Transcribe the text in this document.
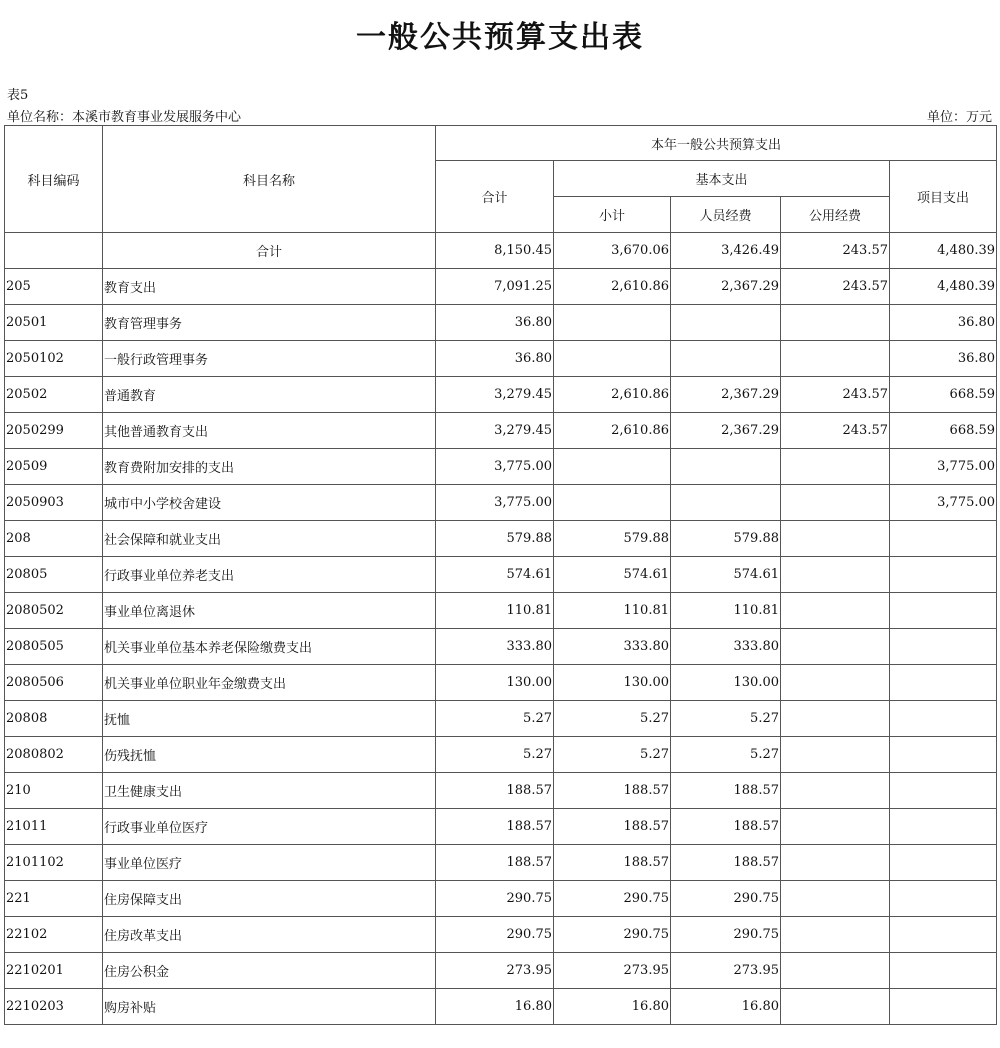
一般公共预算支出表
表5
单位名称：本溪市教育事业发展服务中心	单位：万元
科目编码	科目名称	本年一般公共预算支出				
		合计	基本支出			项目支出
			小计	人员经费	公用经费	
	合计	8,150.45	3,670.06	3,426.49	243.57	4,480.39
205	教育支出	7,091.25	2,610.86	2,367.29	243.57	4,480.39
20501	教育管理事务	36.80				36.80
2050102	一般行政管理事务	36.80				36.80
20502	普通教育	3,279.45	2,610.86	2,367.29	243.57	668.59
2050299	其他普通教育支出	3,279.45	2,610.86	2,367.29	243.57	668.59
20509	教育费附加安排的支出	3,775.00				3,775.00
2050903	城市中小学校舍建设	3,775.00				3,775.00
208	社会保障和就业支出	579.88	579.88	579.88		
20805	行政事业单位养老支出	574.61	574.61	574.61		
2080502	事业单位离退休	110.81	110.81	110.81		
2080505	机关事业单位基本养老保险缴费支出	333.80	333.80	333.80		
2080506	机关事业单位职业年金缴费支出	130.00	130.00	130.00		
20808	抚恤	5.27	5.27	5.27		
2080802	伤残抚恤	5.27	5.27	5.27		
210	卫生健康支出	188.57	188.57	188.57		
21011	行政事业单位医疗	188.57	188.57	188.57		
2101102	事业单位医疗	188.57	188.57	188.57		
221	住房保障支出	290.75	290.75	290.75		
22102	住房改革支出	290.75	290.75	290.75		
2210201	住房公积金	273.95	273.95	273.95		
2210203	购房补贴	16.80	16.80	16.80		
